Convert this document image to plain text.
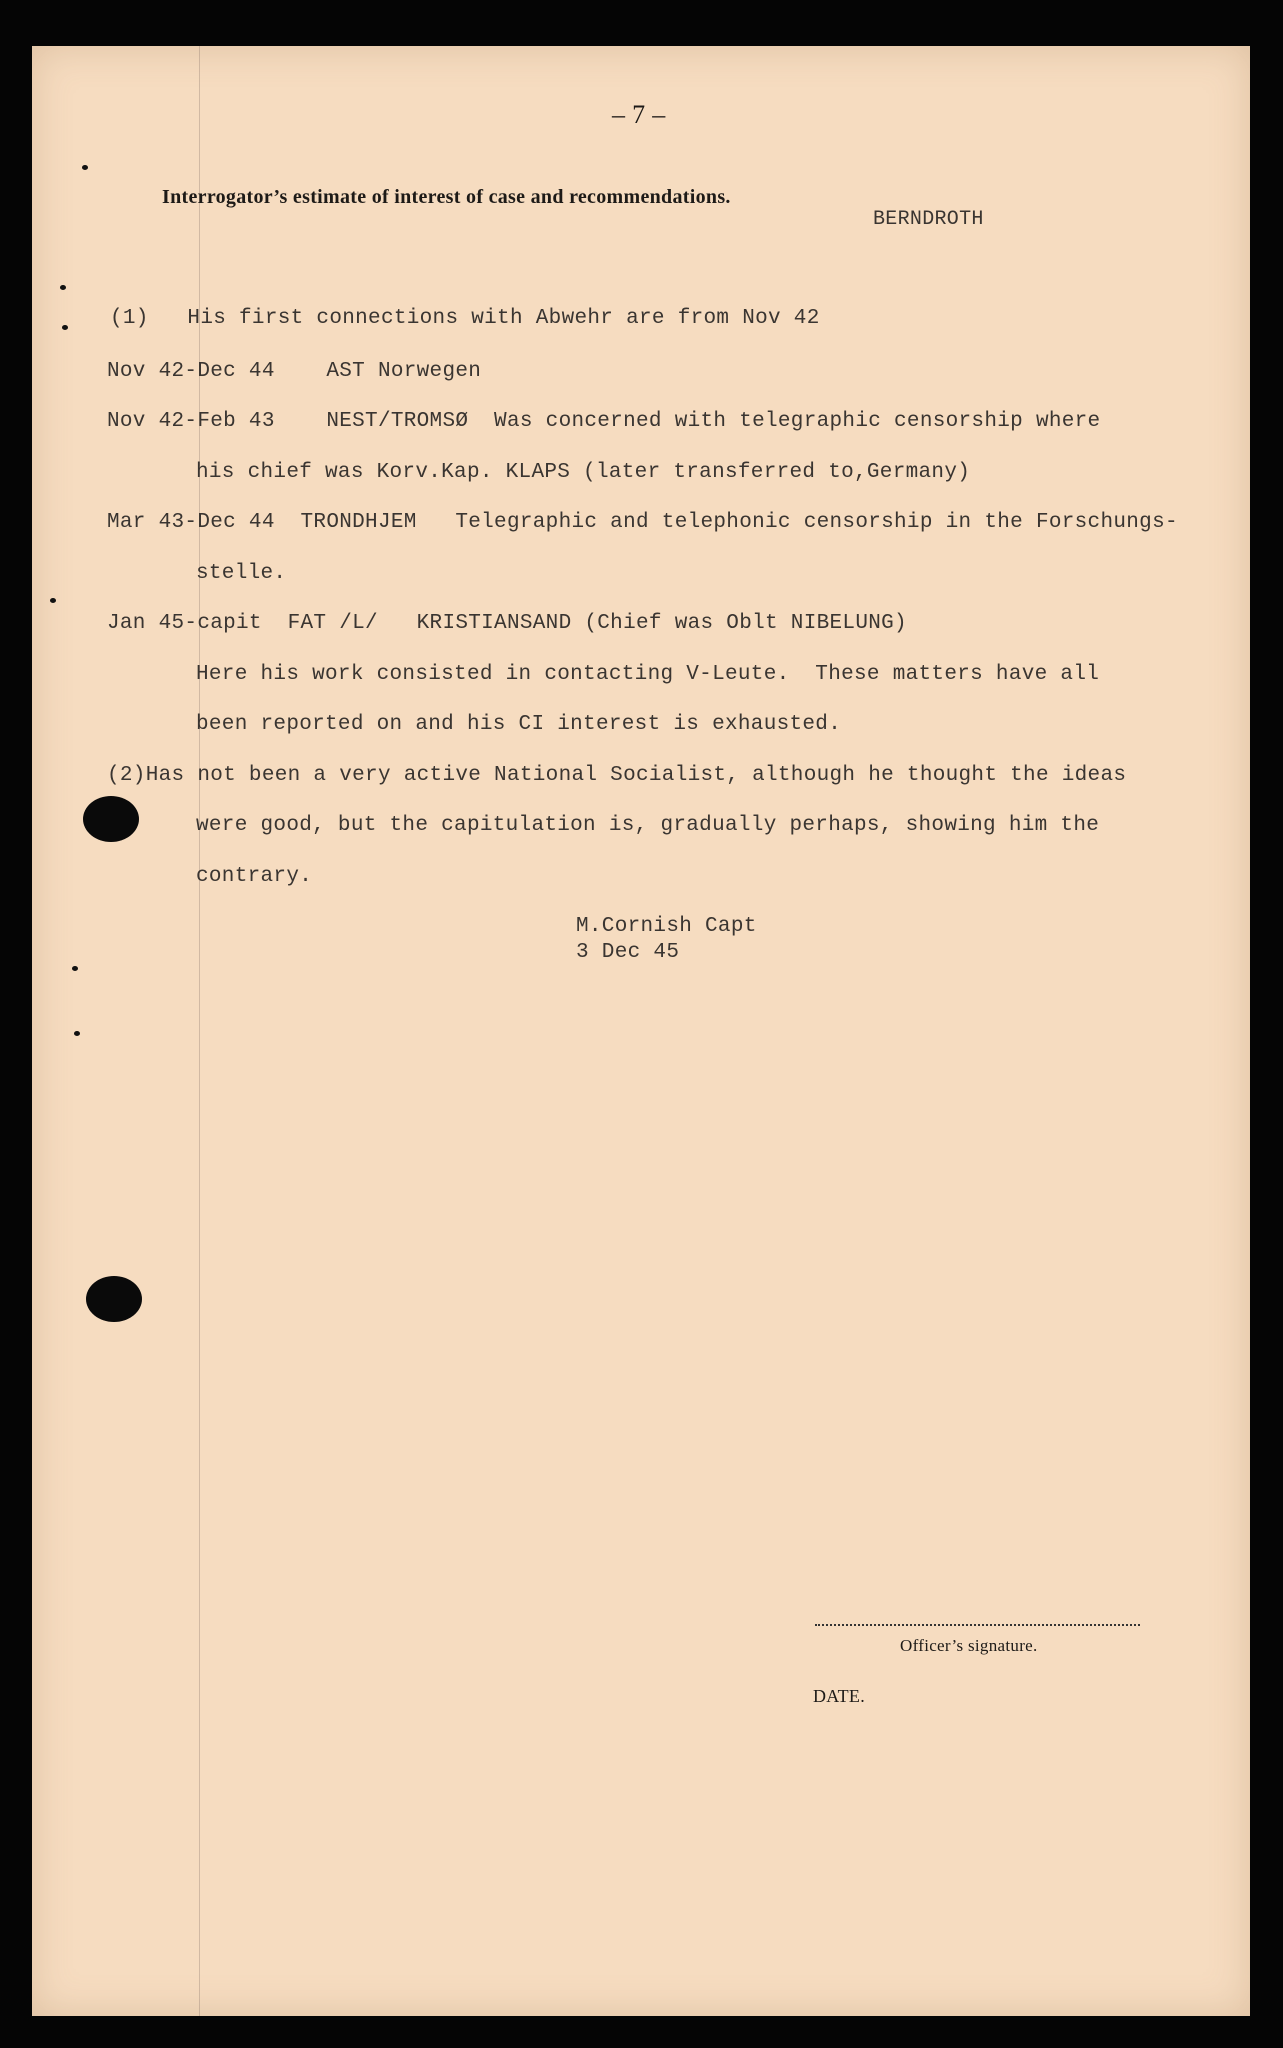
– 7 –
Interrogator’s estimate of interest of case and recommendations.
BERNDROTH
(1)   His first connections with Abwehr are from Nov 42
Nov 42-Dec 44    AST Norwegen
Nov 42-Feb 43    NEST/TROMSØ  Was concerned with telegraphic censorship where
his chief was Korv.Kap. KLAPS (later transferred to,Germany)
Mar 43-Dec 44  TRONDHJEM   Telegraphic and telephonic censorship in the Forschungs-
stelle.
Jan 45-capit  FAT /L/   KRISTIANSAND (Chief was Oblt NIBELUNG)
Here his work consisted in contacting V-Leute.  These matters have all
been reported on and his CI interest is exhausted.
(2)Has not been a very active National Socialist, although he thought the ideas
were good, but the capitulation is, gradually perhaps, showing him the
contrary.
M.Cornish Capt
3 Dec 45
Officer’s signature.
DATE.
